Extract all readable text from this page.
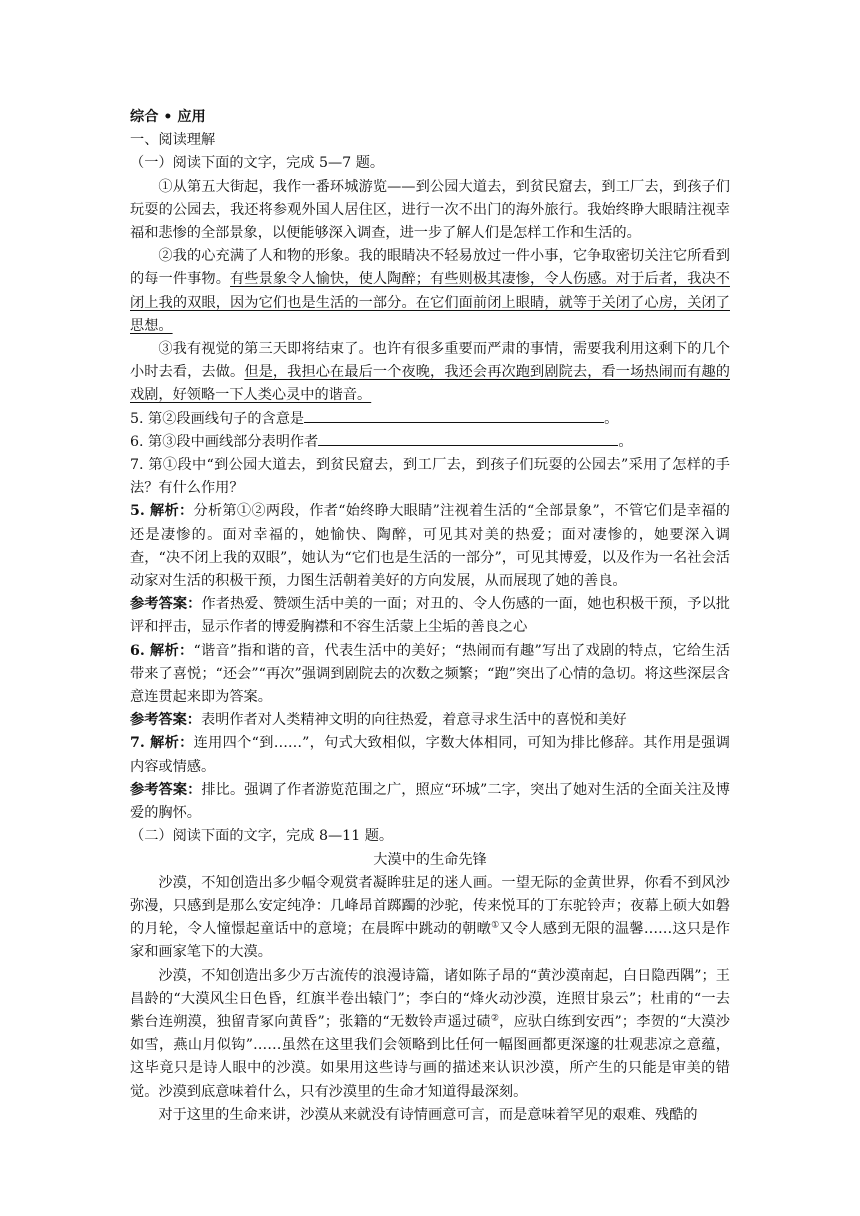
综合 • 应用

一、阅读理解

（一）阅读下面的文字，完成 5—7 题。

①从第五大街起，我作一番环城游览——到公园大道去，到贫民窟去，到工厂去，到孩子们玩耍的公园去，我还将参观外国人居住区，进行一次不出门的海外旅行。我始终睁大眼睛注视幸福和悲惨的全部景象，以便能够深入调查，进一步了解人们是怎样工作和生活的。

②我的心充满了人和物的形象。我的眼睛决不轻易放过一件小事，它争取密切关注它所看到的每一件事物。有些景象令人愉快，使人陶醉；有些则极其凄惨，令人伤感。对于后者，我决不闭上我的双眼，因为它们也是生活的一部分。在它们面前闭上眼睛，就等于关闭了心房，关闭了思想。

③我有视觉的第三天即将结束了。也许有很多重要而严肃的事情，需要我利用这剩下的几个小时去看，去做。但是，我担心在最后一个夜晚，我还会再次跑到剧院去，看一场热闹而有趣的戏剧，好领略一下人类心灵中的谐音。

5. 第②段画线句子的含意是	。

6. 第③段中画线部分表明作者	。

7. 第①段中“到公园大道去，到贫民窟去，到工厂去，到孩子们玩耍的公园去”采用了怎样的手法？有什么作用？

5. 解析：分析第①②两段，作者“始终睁大眼睛”注视着生活的“全部景象”，不管它们是幸福的还是凄惨的。面对幸福的，她愉快、陶醉，可见其对美的热爱；面对凄惨的，她要深入调查，“决不闭上我的双眼”，她认为“它们也是生活的一部分”，可见其博爱，以及作为一名社会活动家对生活的积极干预，力图生活朝着美好的方向发展，从而展现了她的善良。

参考答案：作者热爱、赞颂生活中美的一面；对丑的、令人伤感的一面，她也积极干预，予以批评和抨击，显示作者的博爱胸襟和不容生活蒙上尘垢的善良之心

6. 解析：“谐音”指和谐的音，代表生活中的美好；“热闹而有趣”写出了戏剧的特点，它给生活带来了喜悦；“还会”“再次”强调到剧院去的次数之频繁；“跑”突出了心情的急切。将这些深层含意连贯起来即为答案。

参考答案：表明作者对人类精神文明的向往热爱，着意寻求生活中的喜悦和美好

7. 解析：连用四个“到……”，句式大致相似，字数大体相同，可知为排比修辞。其作用是强调内容或情感。

参考答案：排比。强调了作者游览范围之广，照应“环城”二字，突出了她对生活的全面关注及博爱的胸怀。

（二）阅读下面的文字，完成 8—11 题。

大漠中的生命先锋

沙漠，不知创造出多少幅令观赏者凝眸驻足的迷人画。一望无际的金黄世界，你看不到风沙弥漫，只感到是那么安定纯净：几峰昂首踯躅的沙驼，传来悦耳的丁东驼铃声；夜幕上硕大如磐的月轮，令人憧憬起童话中的意境；在晨晖中跳动的朝暾①又令人感到无限的温馨……这只是作家和画家笔下的大漠。

沙漠，不知创造出多少万古流传的浪漫诗篇，诸如陈子昂的“黄沙漠南起，白日隐西隅”；王昌龄的“大漠风尘日色昏，红旗半卷出辕门”；李白的“烽火动沙漠，连照甘泉云”；杜甫的“一去紫台连朔漠，独留青冢向黄昏”；张籍的“无数铃声遥过碛②，应驮白练到安西”；李贺的“大漠沙如雪，燕山月似钩”……虽然在这里我们会领略到比任何一幅图画都更深邃的壮观悲凉之意蕴，这毕竟只是诗人眼中的沙漠。如果用这些诗与画的描述来认识沙漠，所产生的只能是审美的错觉。沙漠到底意味着什么，只有沙漠里的生命才知道得最深刻。

对于这里的生命来讲，沙漠从来就没有诗情画意可言，而是意味着罕见的艰难、残酷的
